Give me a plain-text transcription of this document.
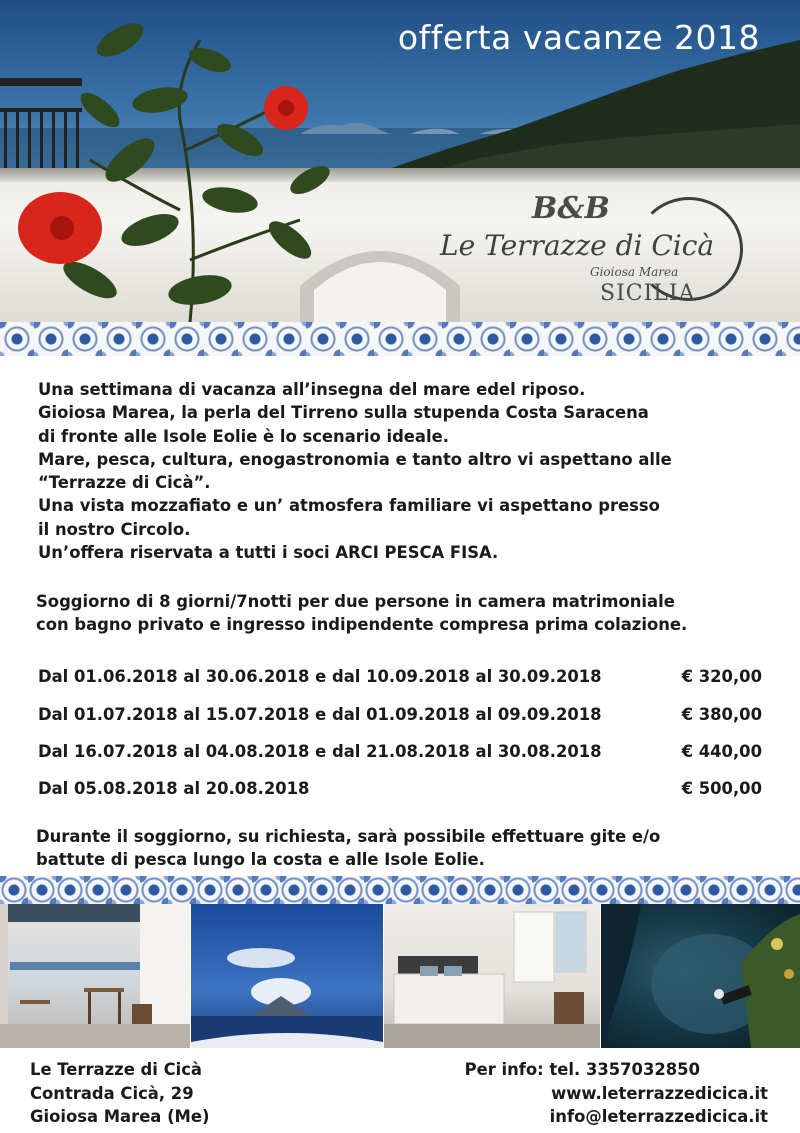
offerta vacanze 2018
B&B
Le Terrazze di Cicà
Gioiosa Marea
SICILIA
Una settimana di vacanza all’insegna del mare edel riposo.
Gioiosa Marea, la perla del Tirreno sulla stupenda Costa Saracena
di fronte alle Isole Eolie è lo scenario ideale.
Mare, pesca, cultura, enogastronomia e tanto altro vi aspettano alle
“Terrazze di Cicà”.
Una vista mozzafiato e un’ atmosfera familiare vi aspettano presso
il nostro Circolo.
Un’offera riservata a tutti i soci ARCI PESCA FISA.
Soggiorno di 8 giorni/7notti per due persone in camera matrimoniale
con bagno privato e ingresso indipendente compresa prima colazione.
Dal 01.06.2018 al 30.06.2018 e dal 10.09.2018 al 30.09.2018	€ 320,00
Dal 01.07.2018 al 15.07.2018 e dal 01.09.2018 al 09.09.2018	€ 380,00
Dal 16.07.2018 al 04.08.2018 e dal 21.08.2018 al 30.08.2018	€ 440,00
Dal 05.08.2018 al 20.08.2018	€ 500,00
Durante il soggiorno, su richiesta, sarà possibile effettuare gite e/o
battute di pesca lungo la costa e alle Isole Eolie.
Le Terrazze di Cicà
Contrada Cicà, 29
Gioiosa Marea (Me)
Per info: tel. 3357032850
www.leterrazzedicica.it
info@leterrazzedicica.it
